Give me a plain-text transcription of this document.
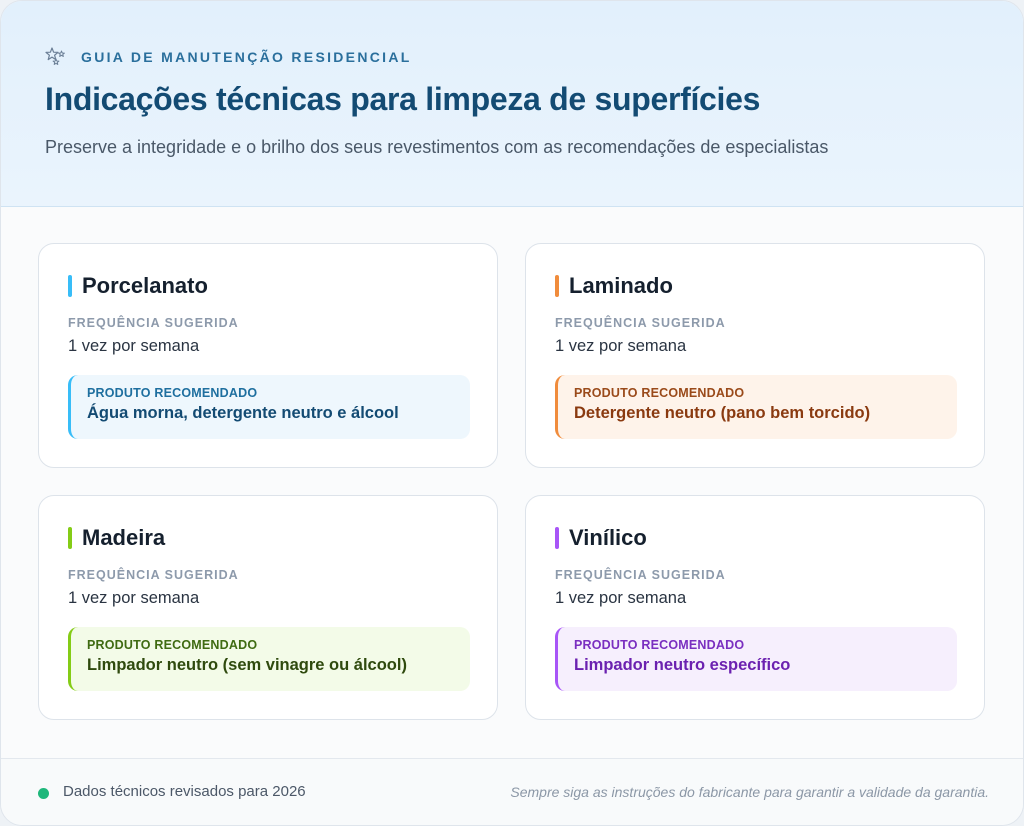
GUIA DE MANUTENÇÃO RESIDENCIAL
Indicações técnicas para limpeza de superfícies

Preserve a integridade e o brilho dos seus revestimentos com as recomendações de especialistas

Porcelanato
FREQUÊNCIA SUGERIDA
1 vez por semana
PRODUTO RECOMENDADO
Água morna, detergente neutro e álcool
Laminado
FREQUÊNCIA SUGERIDA
1 vez por semana
PRODUTO RECOMENDADO
Detergente neutro (pano bem torcido)
Madeira
FREQUÊNCIA SUGERIDA
1 vez por semana
PRODUTO RECOMENDADO
Limpador neutro (sem vinagre ou álcool)
Vinílico
FREQUÊNCIA SUGERIDA
1 vez por semana
PRODUTO RECOMENDADO
Limpador neutro específico
Dados técnicos revisados para 2026	Sempre siga as instruções do fabricante para garantir a validade da garantia.
